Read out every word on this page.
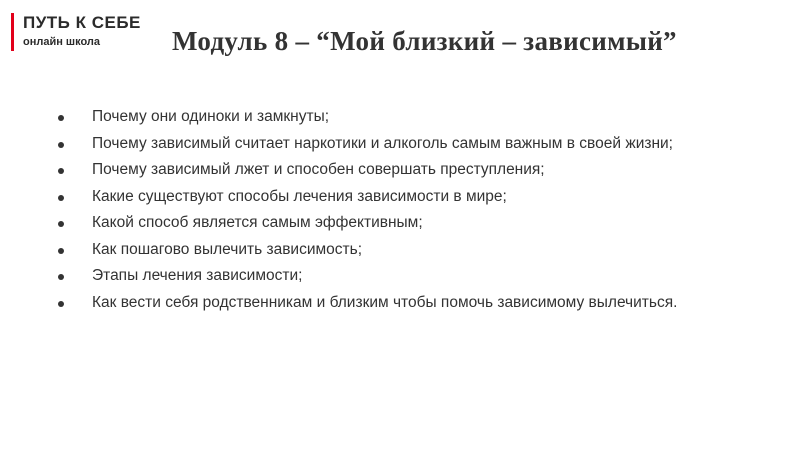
ПУТЬ К СЕБЕ
онлайн школа	Модуль 8 – “Мой близкий – зависимый”
Почему они одиноки и замкнуты;
Почему зависимый считает наркотики и алкоголь самым важным в своей жизни;
Почему зависимый лжет и способен совершать преступления;
Какие существуют способы лечения зависимости в мире;
Какой способ является самым эффективным;
Как пошагово вылечить зависимость;
Этапы лечения зависимости;
Как вести себя родственникам и близким чтобы помочь зависимому вылечиться.
